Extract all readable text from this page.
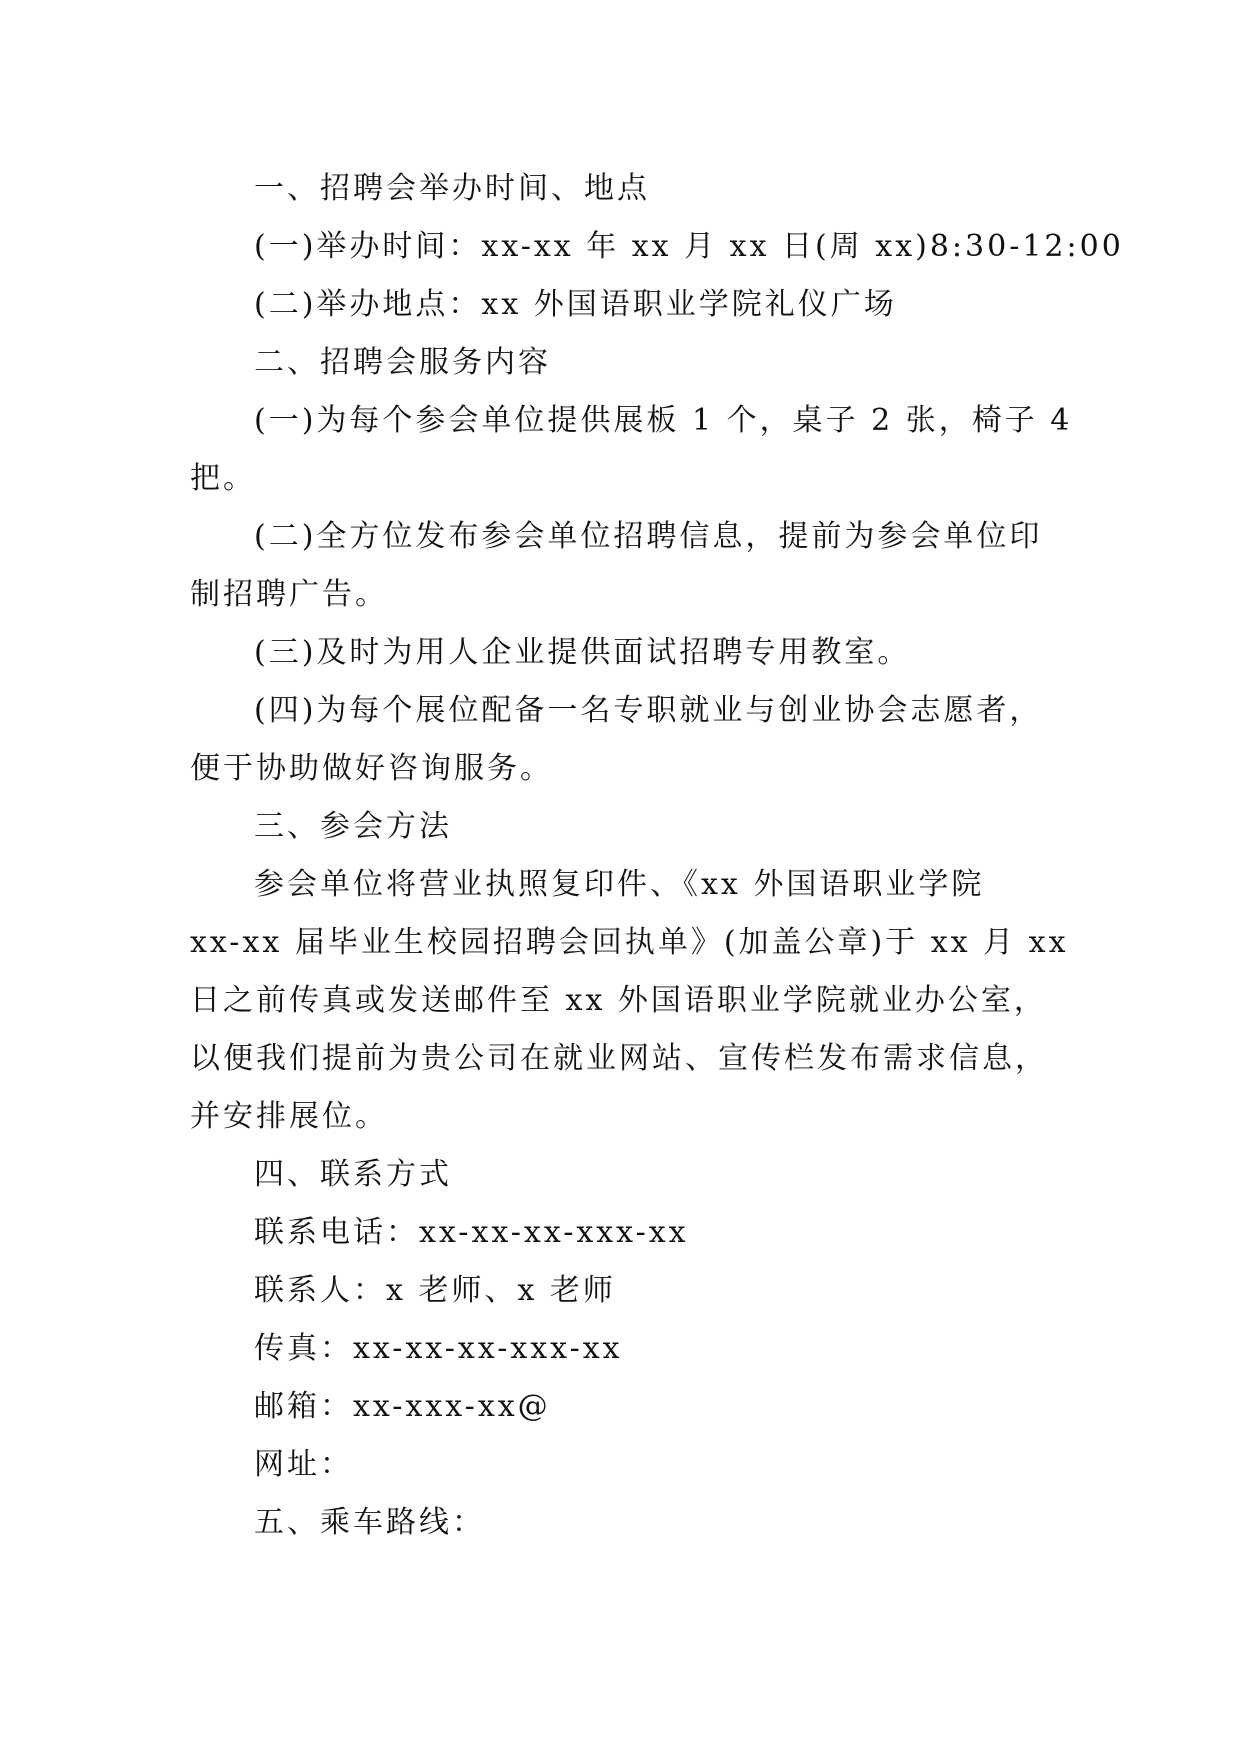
一、招聘会举办时间、地点
(一)举办时间：xx-xx 年 xx 月 xx 日(周 xx)8:30-12:00
(二)举办地点：xx 外国语职业学院礼仪广场
二、招聘会服务内容
(一)为每个参会单位提供展板 1 个，桌子 2 张，椅子 4
把。
(二)全方位发布参会单位招聘信息，提前为参会单位印
制招聘广告。
(三)及时为用人企业提供面试招聘专用教室。
(四)为每个展位配备一名专职就业与创业协会志愿者，
便于协助做好咨询服务。
三、参会方法
参会单位将营业执照复印件、《xx 外国语职业学院
xx-xx 届毕业生校园招聘会回执单》(加盖公章)于 xx 月 xx
日之前传真或发送邮件至 xx 外国语职业学院就业办公室，
以便我们提前为贵公司在就业网站、宣传栏发布需求信息，
并安排展位。
四、联系方式
联系电话：xx-xx-xx-xxx-xx
联系人：x 老师、x 老师
传真：xx-xx-xx-xxx-xx
邮箱：xx-xxx-xx@
网址：
五、乘车路线：
